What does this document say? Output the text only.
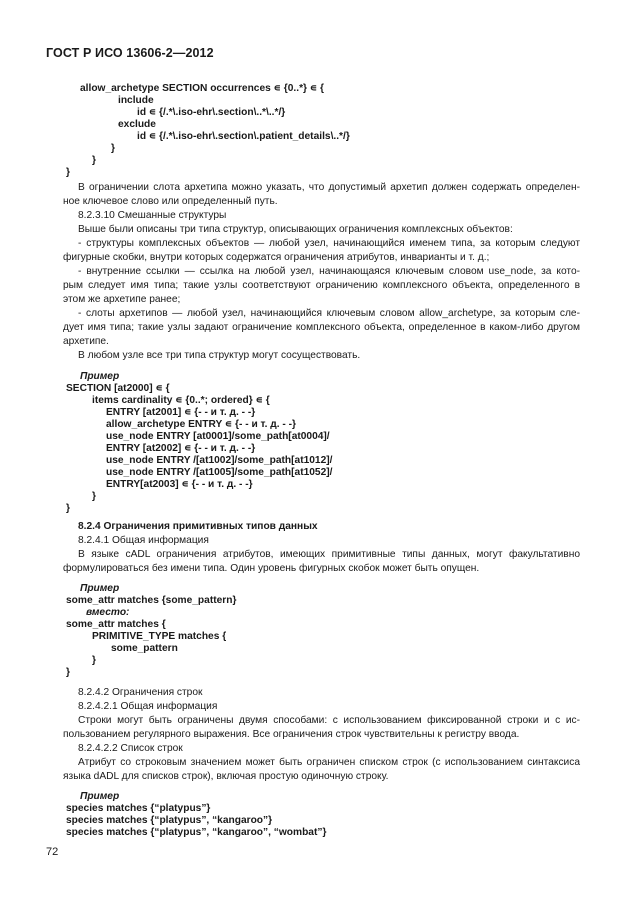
ГОСТ Р ИСО 13606-2—2012
allow_archetype SECTION occurrences ∊ {0..*} ∊ {
include
id ∊ {/.*\.iso-ehr\.section\..*\..*/}
exclude
id ∊ {/.*\.iso-ehr\.section\.patient_details\..*/}
}
}
}
В ограничении слота архетипа можно указать, что допустимый архетип должен содержать определен-
ное ключевое слово или определенный путь.
8.2.3.10 Смешанные структуры
Выше были описаны три типа структур, описывающих ограничения комплексных объектов:
- структуры комплексных объектов — любой узел, начинающийся именем типа, за которым следуют
фигурные скобки, внутри которых содержатся ограничения атрибутов, инварианты и т. д.;
- внутренние ссылки — ссылка на любой узел, начинающаяся ключевым словом use_node, за кото-
рым следует имя типа; такие узлы соответствуют ограничению комплексного объекта, определенного в
этом же архетипе ранее;
- слоты архетипов — любой узел, начинающийся ключевым словом allow_archetype, за которым сле-
дует имя типа; такие узлы задают ограничение комплексного объекта, определенное в каком-либо другом
архетипе.
В любом узле все три типа структур могут сосуществовать.
Пример
SECTION [at2000] ∊ {
items cardinality ∊ {0..*; ordered} ∊ {
ENTRY [at2001] ∊ {- - и т. д. - -}
allow_archetype ENTRY ∊ {- - и т. д. - -}
use_node ENTRY [at0001]/some_path[at0004]/
ENTRY [at2002] ∊ {- - и т. д. - -}
use_node ENTRY /[at1002]/some_path[at1012]/
use_node ENTRY /[at1005]/some_path[at1052]/
ENTRY[at2003] ∊ {- - и т. д. - -}
}
}
8.2.4 Ограничения примитивных типов данных
8.2.4.1 Общая информация
В языке cADL ограничения атрибутов, имеющих примитивные типы данных, могут факультативно
формулироваться без имени типа. Один уровень фигурных скобок может быть опущен.
Пример
some_attr matches {some_pattern}
вместо:
some_attr matches {
PRIMITIVE_TYPE matches {
some_pattern
}
}
8.2.4.2 Ограничения строк
8.2.4.2.1 Общая информация
Строки могут быть ограничены двумя способами: с использованием фиксированной строки и с ис-
пользованием регулярного выражения. Все ограничения строк чувствительны к регистру ввода.
8.2.4.2.2 Список строк
Атрибут со строковым значением может быть ограничен списком строк (с использованием синтаксиса
языка dADL для списков строк), включая простую одиночную строку.
Пример
species matches {“platypus”}
species matches {“platypus”, “kangaroo”}
species matches {“platypus”, “kangaroo”, “wombat”}
72
